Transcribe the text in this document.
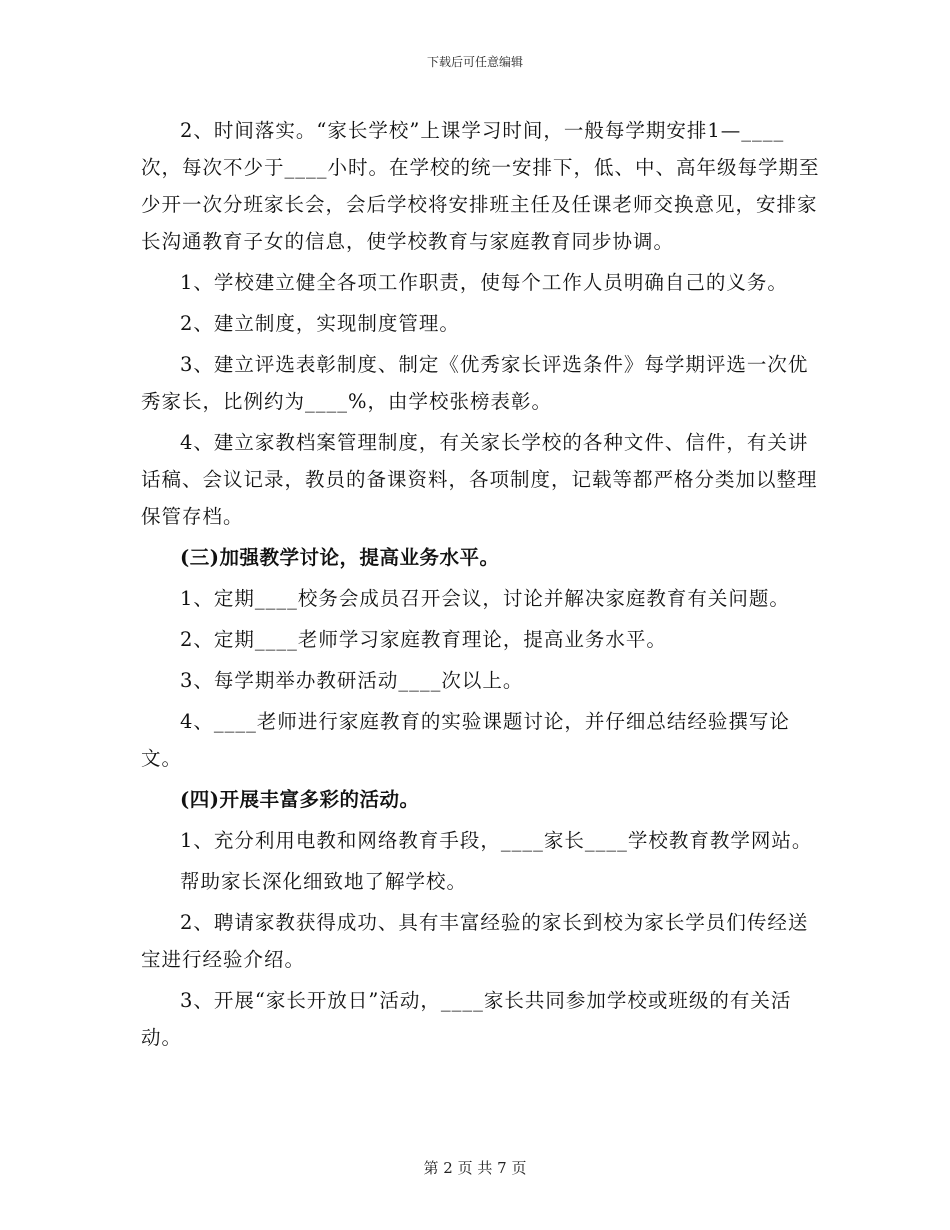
下载后可任意编辑

2、时间落实。“家长学校”上课学习时间，一般每学期安排1—____次，每次不少于____小时。在学校的统一安排下，低、中、高年级每学期至少开一次分班家长会，会后学校将安排班主任及任课老师交换意见，安排家长沟通教育子女的信息，使学校教育与家庭教育同步协调。

1、学校建立健全各项工作职责，使每个工作人员明确自己的义务。

2、建立制度，实现制度管理。

3、建立评选表彰制度、制定《优秀家长评选条件》每学期评选一次优秀家长，比例约为____%，由学校张榜表彰。

4、建立家教档案管理制度，有关家长学校的各种文件、信件，有关讲话稿、会议记录，教员的备课资料，各项制度，记载等都严格分类加以整理保管存档。

(三)加强教学讨论，提高业务水平。

1、定期____校务会成员召开会议，讨论并解决家庭教育有关问题。

2、定期____老师学习家庭教育理论，提高业务水平。

3、每学期举办教研活动____次以上。

4、____老师进行家庭教育的实验课题讨论，并仔细总结经验撰写论文。

(四)开展丰富多彩的活动。

1、充分利用电教和网络教育手段，____家长____学校教育教学网站。

帮助家长深化细致地了解学校。

2、聘请家教获得成功、具有丰富经验的家长到校为家长学员们传经送宝进行经验介绍。

3、开展“家长开放日”活动，____家长共同参加学校或班级的有关活动。

第 2 页 共 7 页
